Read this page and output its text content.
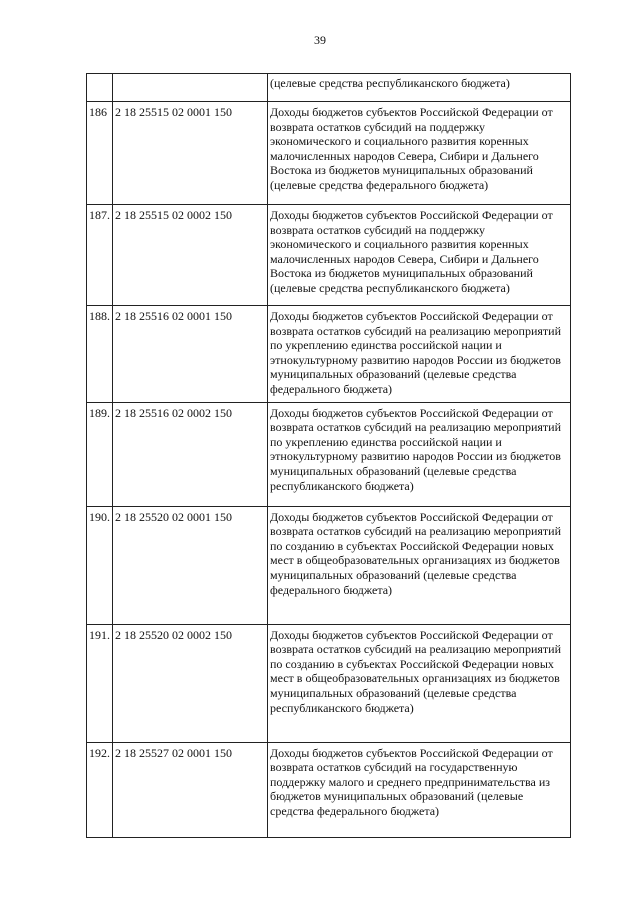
39
		(целевые средства республиканского бюджета)
186	2 18 25515 02 0001 150	Доходы бюджетов субъектов Российской Федерации от возврата остатков субсидий на поддержку экономического и социального развития коренных малочисленных народов Севера, Сибири и Дальнего Востока из бюджетов муниципальных образований (целевые средства федерального бюджета)
187.	2 18 25515 02 0002 150	Доходы бюджетов субъектов Российской Федерации от возврата остатков субсидий на поддержку экономического и социального развития коренных малочисленных народов Севера, Сибири и Дальнего Востока из бюджетов муниципальных образований (целевые средства республиканского бюджета)
188.	2 18 25516 02 0001 150	Доходы бюджетов субъектов Российской Федерации от возврата остатков субсидий на реализацию мероприятий по укреплению единства российской нации и этнокультурному развитию народов России из бюджетов муниципальных образований (целевые средства федерального бюджета)
189.	2 18 25516 02 0002 150	Доходы бюджетов субъектов Российской Федерации от возврата остатков субсидий на реализацию мероприятий по укреплению единства российской нации и этнокультурному развитию народов России из бюджетов муниципальных образований (целевые средства республиканского бюджета)
190.	2 18 25520 02 0001 150	Доходы бюджетов субъектов Российской Федерации от возврата остатков субсидий на реализацию мероприятий по созданию в субъектах Российской Федерации новых мест в общеобразовательных организациях из бюджетов муниципальных образований (целевые средства федерального бюджета)
191.	2 18 25520 02 0002 150	Доходы бюджетов субъектов Российской Федерации от возврата остатков субсидий на реализацию мероприятий по созданию в субъектах Российской Федерации новых мест в общеобразовательных организациях из бюджетов муниципальных образований (целевые средства республиканского бюджета)
192.	2 18 25527 02 0001 150	Доходы бюджетов субъектов Российской Федерации от возврата остатков субсидий на государственную поддержку малого и среднего предпринимательства из бюджетов муниципальных образований (целевые средства федерального бюджета)
